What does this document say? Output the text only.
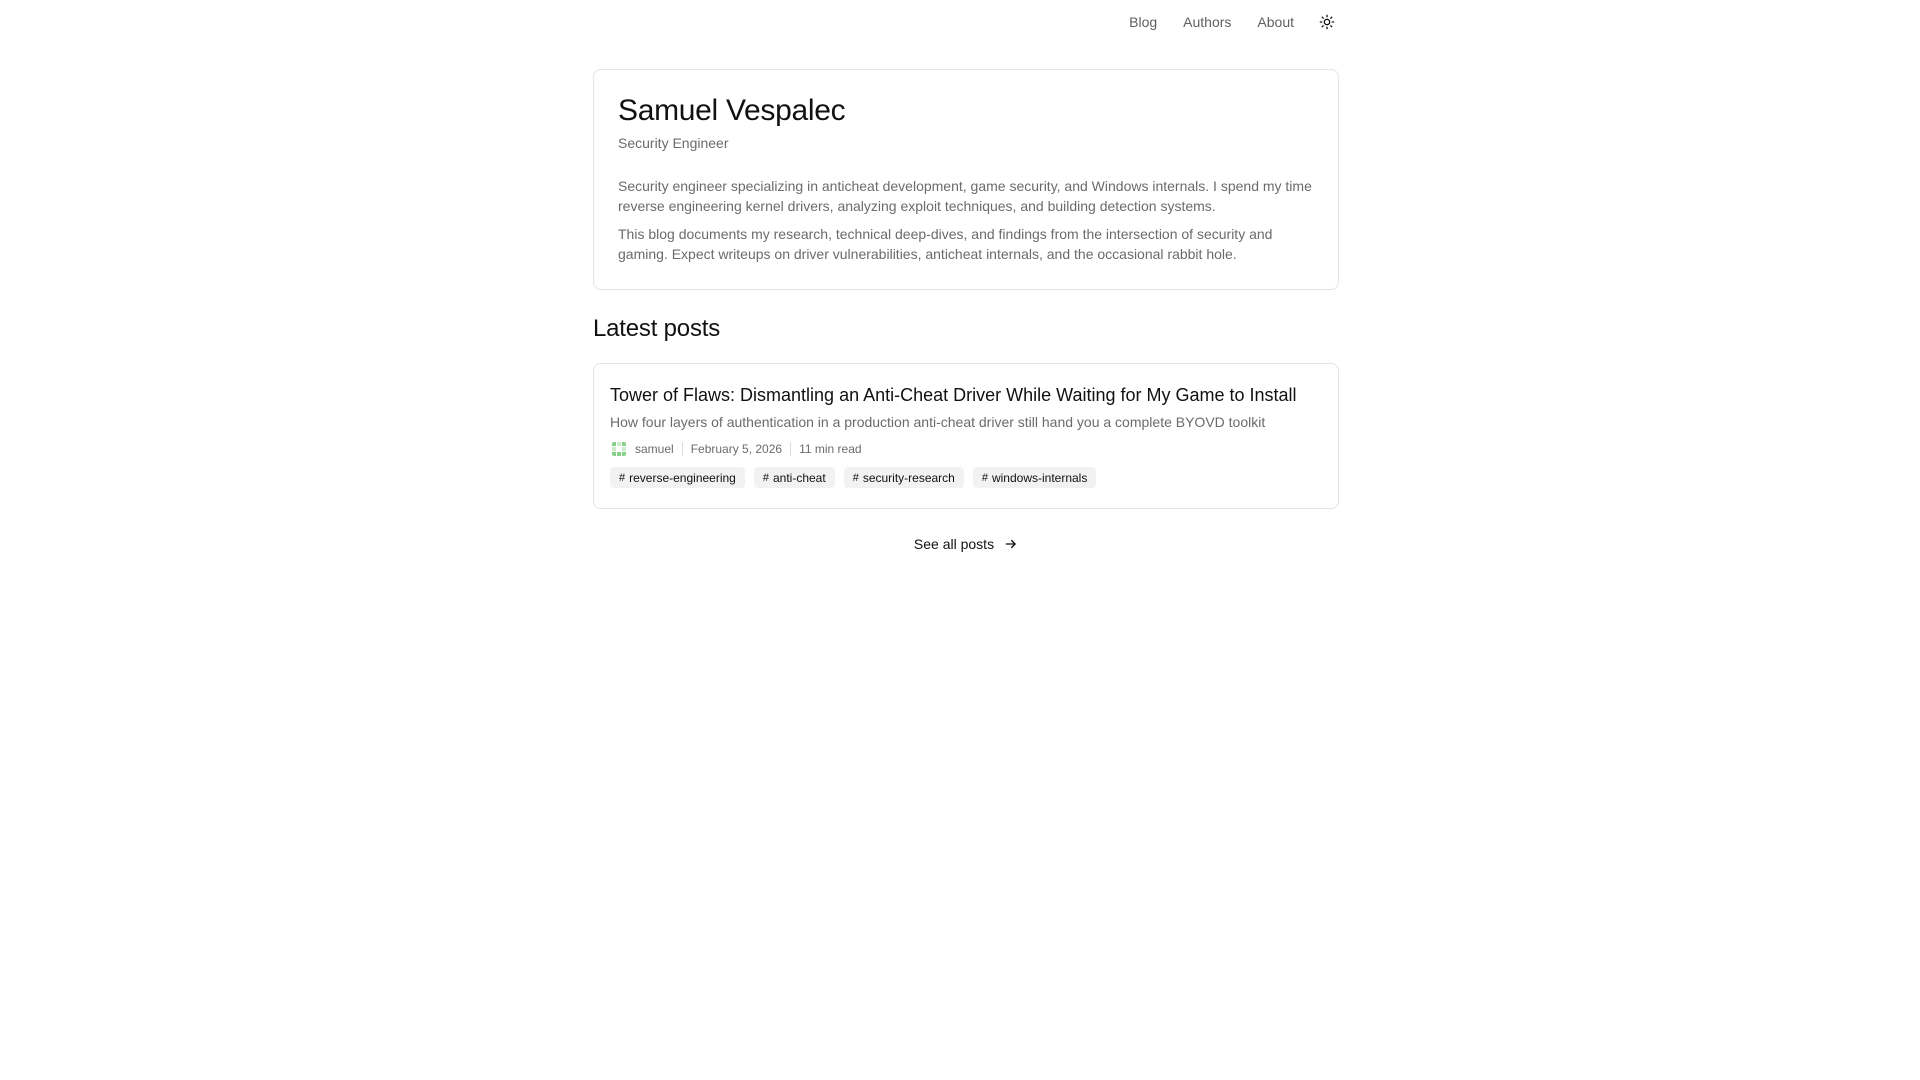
Blog Authors About
Samuel Vespalec
Security Engineer

Security engineer specializing in anticheat development, game security, and Windows internals. I spend my time reverse engineering kernel drivers, analyzing exploit techniques, and building detection systems.

This blog documents my research, technical deep-dives, and findings from the intersection of security and gaming. Expect writeups on driver vulnerabilities, anticheat internals, and the occasional rabbit hole.

Latest posts
Tower of Flaws: Dismantling an Anti-Cheat Driver While Waiting for My Game to Install
How four layers of authentication in a production anti-cheat driver still hand you a complete BYOVD toolkit
samuel February 5, 2026 11 min read
# reverse-engineering # anti-cheat # security-research # windows-internals
See all posts
